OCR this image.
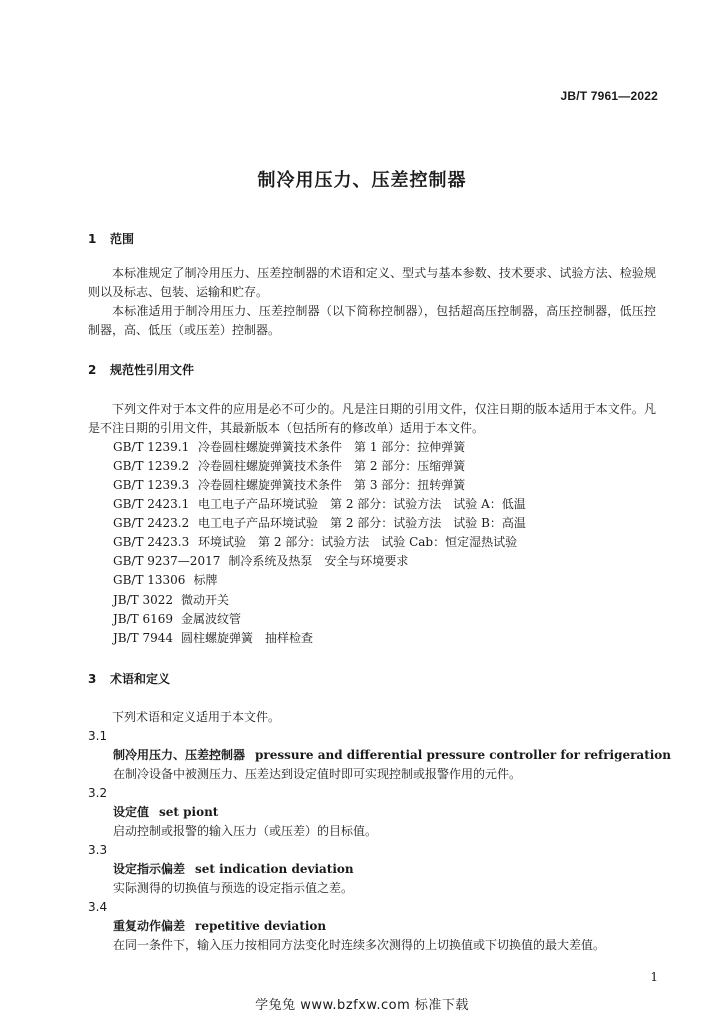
JB/T 7961—2022
制冷用压力、压差控制器
1 范围
本标准规定了制冷用压力、压差控制器的术语和定义、型式与基本参数、技术要求、试验方法、检验规则以及标志、包装、运输和贮存。
本标准适用于制冷用压力、压差控制器（以下简称控制器），包括超高压控制器，高压控制器，低压控制器，高、低压（或压差）控制器。
2 规范性引用文件
下列文件对于本文件的应用是必不可少的。凡是注日期的引用文件，仅注日期的版本适用于本文件。凡是不注日期的引用文件，其最新版本（包括所有的修改单）适用于本文件。
GB/T 1239.1 冷卷圆柱螺旋弹簧技术条件　第 1 部分：拉伸弹簧
GB/T 1239.2 冷卷圆柱螺旋弹簧技术条件　第 2 部分：压缩弹簧
GB/T 1239.3 冷卷圆柱螺旋弹簧技术条件　第 3 部分：扭转弹簧
GB/T 2423.1 电工电子产品环境试验　第 2 部分：试验方法　试验 A：低温
GB/T 2423.2 电工电子产品环境试验　第 2 部分：试验方法　试验 B：高温
GB/T 2423.3 环境试验　第 2 部分：试验方法　试验 Cab：恒定湿热试验
GB/T 9237—2017 制冷系统及热泵　安全与环境要求
GB/T 13306 标牌
JB/T 3022 微动开关
JB/T 6169 金属波纹管
JB/T 7944 圆柱螺旋弹簧　抽样检查
3 术语和定义
下列术语和定义适用于本文件。
3.1
制冷用压力、压差控制器 pressure and differential pressure controller for refrigeration
在制冷设备中被测压力、压差达到设定值时即可实现控制或报警作用的元件。
3.2
设定值 set piont
启动控制或报警的输入压力（或压差）的目标值。
3.3
设定指示偏差 set indication deviation
实际测得的切换值与预选的设定指示值之差。
3.4
重复动作偏差 repetitive deviation
在同一条件下，输入压力按相同方法变化时连续多次测得的上切换值或下切换值的最大差值。
1
学兔兔 www.bzfxw.com 标准下载
